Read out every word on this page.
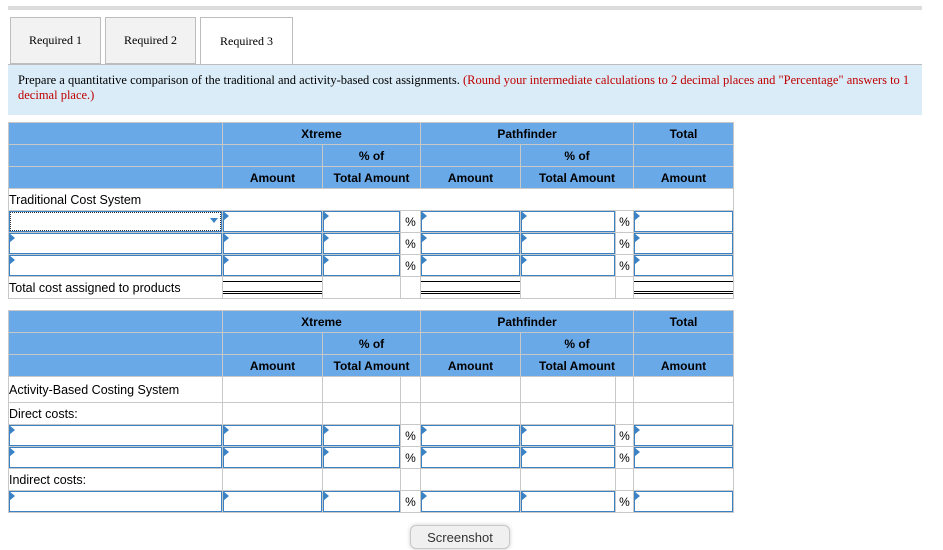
Required 1	Required 2	Required 3
Prepare a quantitative comparison of the traditional and activity-based cost assignments. (Round your intermediate calculations to 2 decimal places and "Percentage" answers to 1 decimal place.)
	Xtreme			Pathfinder			Total
		% of			% of		
	Amount	Total Amount		Amount	Total Amount		Amount
Traditional Cost System							

	%			%	

	%			%	

	%			%	

Total cost assigned to products	

	Xtreme			Pathfinder			Total
		% of			% of		
	Amount	Total Amount		Amount	Total Amount		Amount
Activity-Based Costing System							
Direct costs:							

	%			%	

	%			%	

Indirect costs:							

	%			%	
Screenshot
